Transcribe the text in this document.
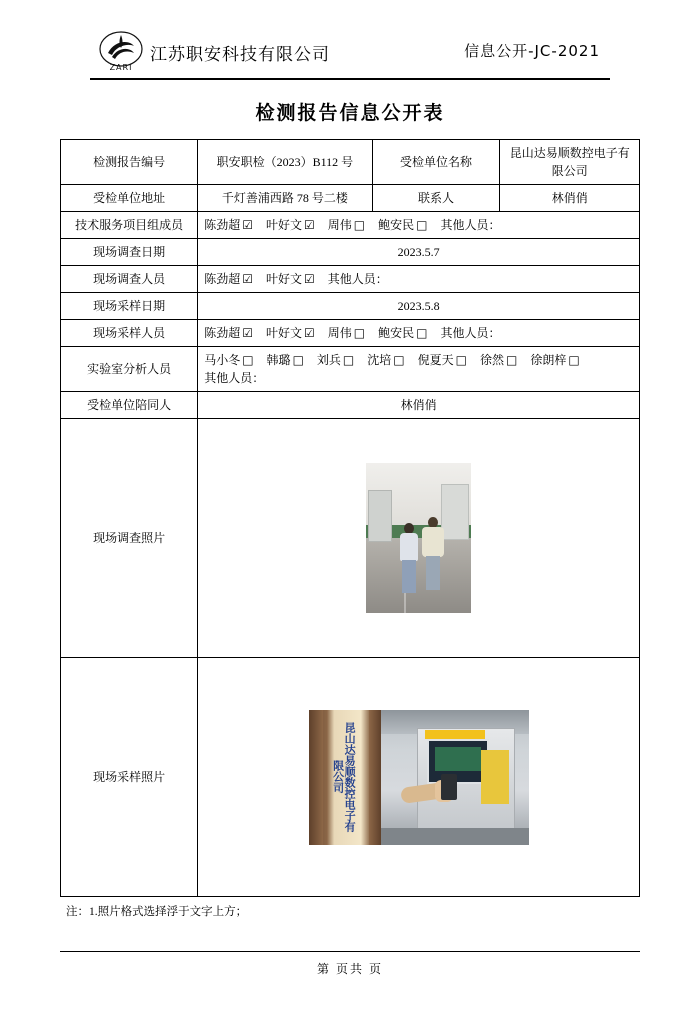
ZARI
江苏职安科技有限公司	信息公开-JC-2021
检测报告信息公开表
检测报告编号	职安职检（2023）B112 号	受检单位名称	昆山达易顺数控电子有限公司
受检单位地址	千灯善浦西路 78 号二楼	联系人	林俏俏
技术服务项目组成员	陈劲超 ☑ 叶好文 ☑ 周伟 □ 鲍安民 □ 其他人员：		
现场调查日期	2023.5.7		
现场调查人员	陈劲超 ☑ 叶好文 ☑ 其他人员：		
现场采样日期	2023.5.8		
现场采样人员	陈劲超 ☑ 叶好文 ☑ 周伟 □ 鲍安民 □ 其他人员：		
实验室分析人员	马小冬 □ 韩璐 □ 刘兵 □ 沈培 □ 倪夏天 □ 徐然 □ 徐朗梓 □
其他人员：		

受检单位陪同人	林俏俏		
现场调查照片			

现场采样照片	昆山达易顺数控电子有限公司		
注：1.照片格式选择浮于文字上方；
第 页共 页
